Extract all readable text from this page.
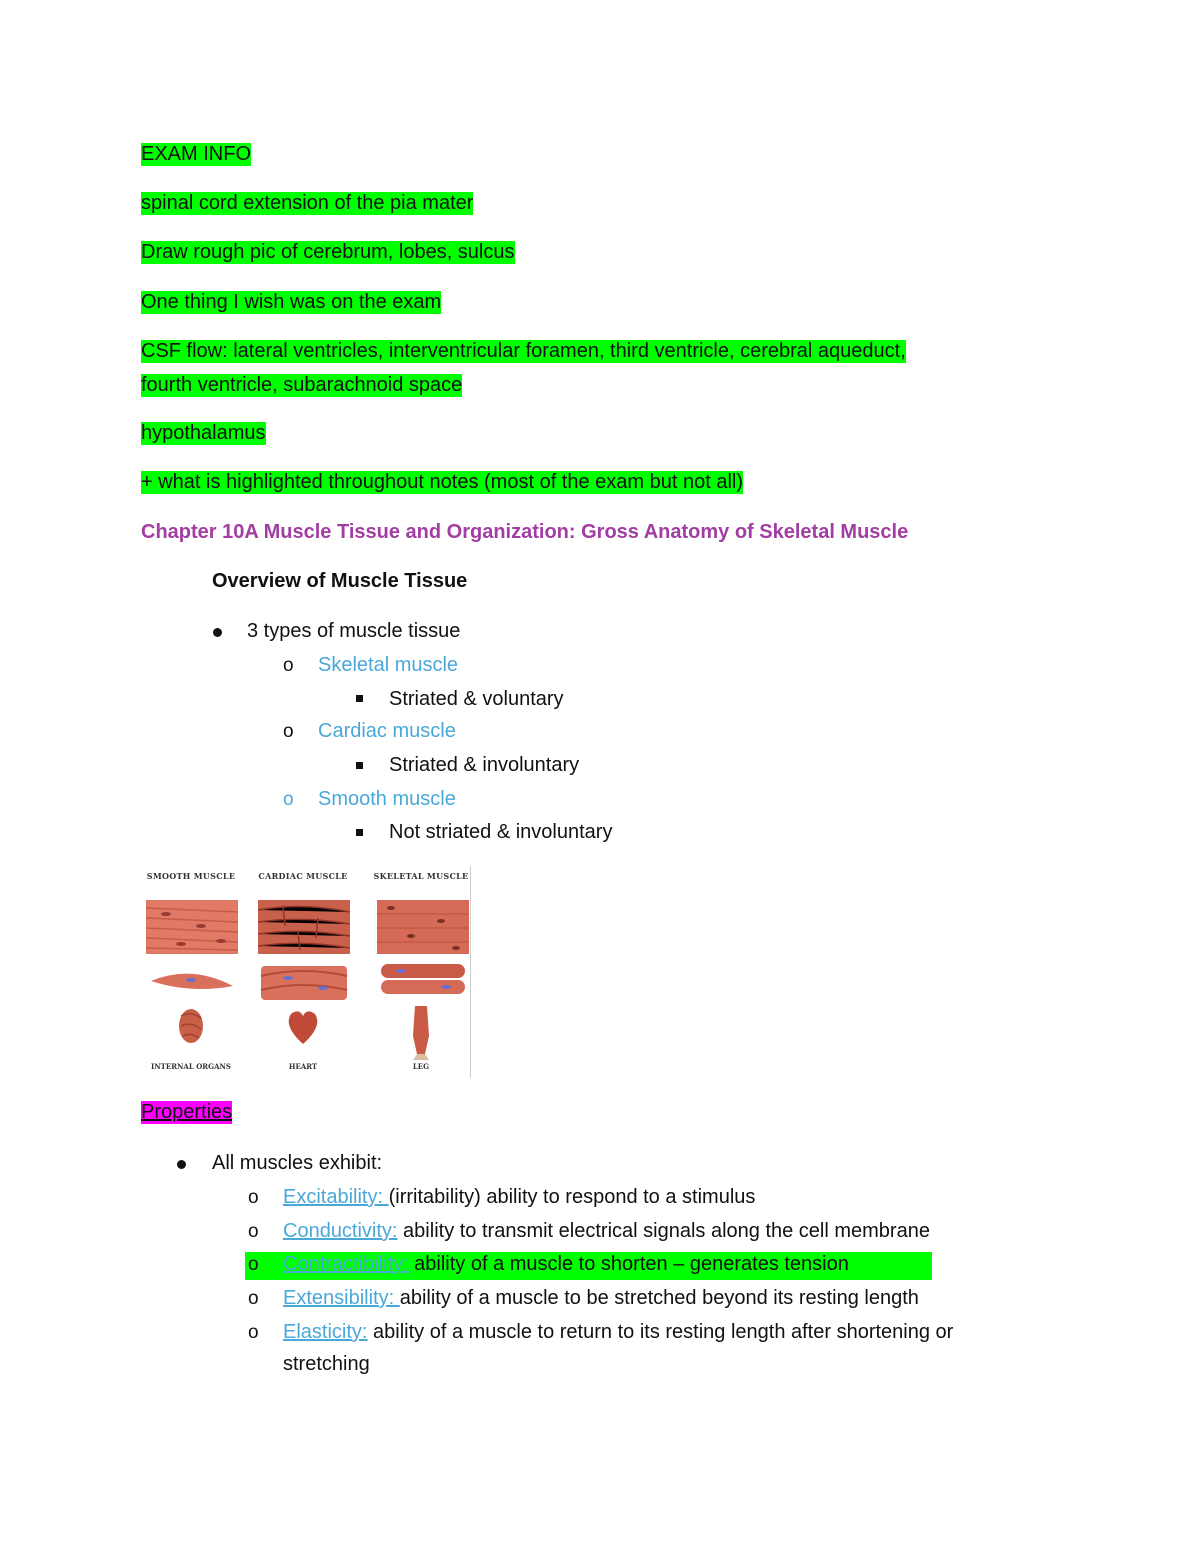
EXAM INFO
spinal cord extension of the pia mater
Draw rough pic of cerebrum, lobes, sulcus
One thing I wish was on the exam
CSF flow: lateral ventricles, interventricular foramen, third ventricle, cerebral aqueduct,
fourth ventricle, subarachnoid space
hypothalamus
+ what is highlighted throughout notes (most of the exam but not all)
Chapter 10A Muscle Tissue and Organization: Gross Anatomy of Skeletal Muscle
Overview of Muscle Tissue
3 types of muscle tissue
o Skeletal muscle
Striated & voluntary
o Cardiac muscle
Striated & involuntary
o Smooth muscle
Not striated & involuntary
SMOOTH MUSCLE
INTERNAL ORGANS
CARDIAC MUSCLE
HEART
SKELETAL MUSCLE
LEG
Properties
All muscles exhibit:
o Excitability: (irritability) ability to respond to a stimulus
o Conductivity: ability to transmit electrical signals along the cell membrane
o Contractibility: ability of a muscle to shorten – generates tension
o Extensibility: ability of a muscle to be stretched beyond its resting length
o Elasticity: ability of a muscle to return to its resting length after shortening or
stretching
